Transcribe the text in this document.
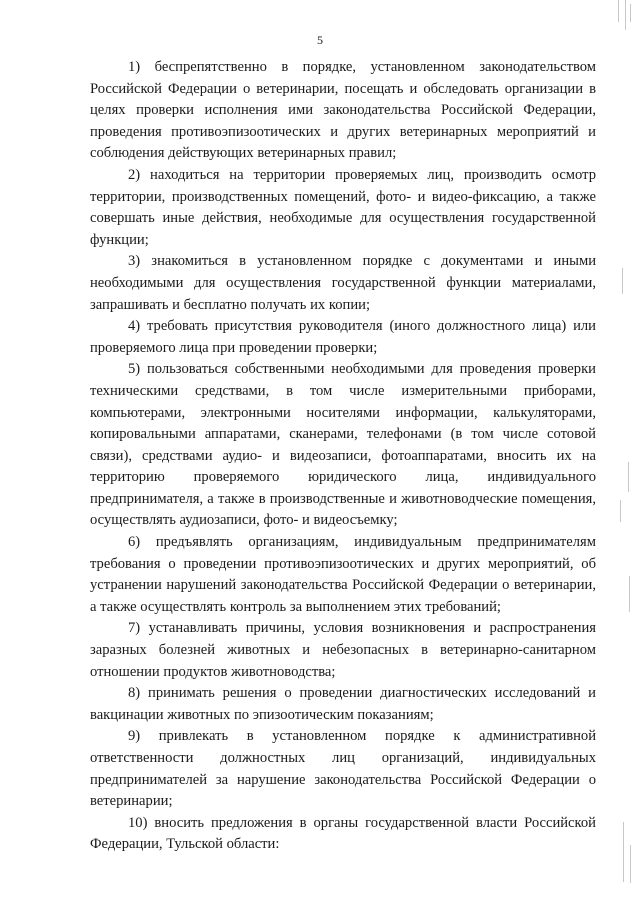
5

1) беспрепятственно в порядке, установленном законодательством Российской Федерации о ветеринарии, посещать и обследовать организации в целях проверки исполнения ими законодательства Российской Федерации, проведения противоэпизоотических и других ветеринарных мероприятий и соблюдения действующих ветеринарных правил;

2) находиться на территории проверяемых лиц, производить осмотр территории, производственных помещений, фото- и видео-фиксацию, а также совершать иные действия, необходимые для осуществления государственной функции;

3) знакомиться в установленном порядке с документами и иными необходимыми для осуществления государственной функции материалами, запрашивать и бесплатно получать их копии;

4) требовать присутствия руководителя (иного должностного лица) или проверяемого лица при проведении проверки;

5) пользоваться собственными необходимыми для проведения проверки техническими средствами, в том числе измерительными приборами, компьютерами, электронными носителями информации, калькуляторами, копировальными аппаратами, сканерами, телефонами (в том числе сотовой связи), средствами аудио- и видеозаписи, фотоаппаратами, вносить их на территорию проверяемого юридического лица, индивидуального предпринимателя, а также в производственные и животноводческие помещения, осуществлять аудиозаписи, фото- и видеосъемку;

6) предъявлять организациям, индивидуальным предпринимателям требования о проведении противоэпизоотических и других мероприятий, об устранении нарушений законодательства Российской Федерации о ветеринарии, а также осуществлять контроль за выполнением этих требований;

7) устанавливать причины, условия возникновения и распространения заразных болезней животных и небезопасных в ветеринарно-санитарном отношении продуктов животноводства;

8) принимать решения о проведении диагностических исследований и вакцинации животных по эпизоотическим показаниям;

9) привлекать в установленном порядке к административной ответственности должностных лиц организаций, индивидуальных предпринимателей за нарушение законодательства Российской Федерации о ветеринарии;

10) вносить предложения в органы государственной власти Российской Федерации, Тульской области:
